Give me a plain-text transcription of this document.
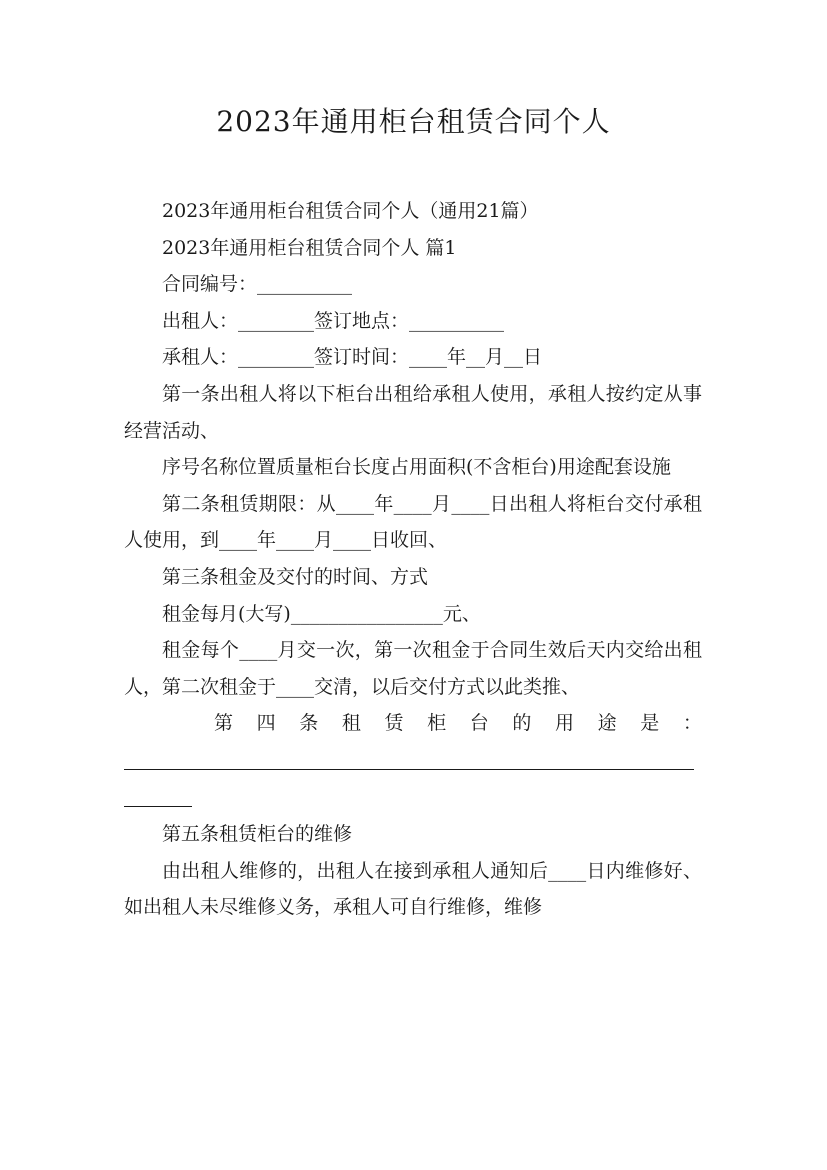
2023年通用柜台租赁合同个人

2023年通用柜台租赁合同个人（通用21篇）

2023年通用柜台租赁合同个人 篇1

合同编号：__________

出租人：________签订地点：__________

承租人：________签订时间：____年__月__日

第一条出租人将以下柜台出租给承租人使用，承租人按约定从事经营活动、

序号名称位置质量柜台长度占用面积(不含柜台)用途配套设施

第二条租赁期限：从____年____月____日出租人将柜台交付承租人使用，到____年____月____日收回、

第三条租金及交付的时间、方式

租金每月(大写)________________元、

租金每个____月交一次，第一次租金于合同生效后天内交给出租人，第二次租金于____交清，以后交付方式以此类推、

第 四 条 租 赁 柜 台 的 用 途 是 ：

第五条租赁柜台的维修

由出租人维修的，出租人在接到承租人通知后____日内维修好、如出租人未尽维修义务，承租人可自行维修，维修
